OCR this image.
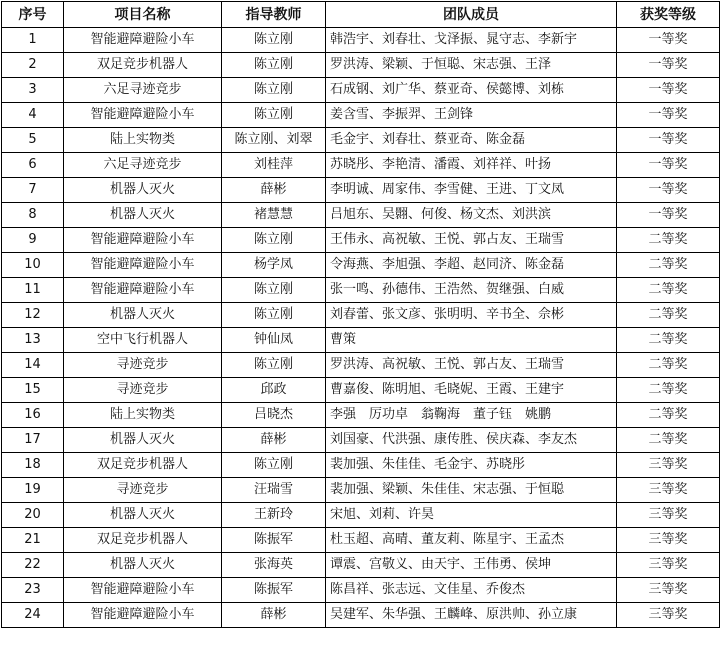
序号	项目名称	指导教师	团队成员	获奖等级
1	智能避障避险小车	陈立刚	韩浩宇、刘春壮、戈泽振、晁守志、李新宇	一等奖
2	双足竞步机器人	陈立刚	罗洪涛、梁颖、于恒聪、宋志强、王泽	一等奖
3	六足寻迹竞步	陈立刚	石成钢、刘广华、蔡亚奇、侯懿博、刘栋	一等奖
4	智能避障避险小车	陈立刚	姜含雪、李振羿、王剑锋	一等奖
5	陆上实物类	陈立刚、刘翠	毛金宇、刘春壮、蔡亚奇、陈金磊	一等奖
6	六足寻迹竞步	刘桂萍	苏晓彤、李艳清、潘霞、刘祥祥、叶扬	一等奖
7	机器人灭火	薛彬	李明诚、周家伟、李雪健、王进、丁文凤	一等奖
8	机器人灭火	褚慧慧	吕旭东、吴翾、何俊、杨文杰、刘洪滨	一等奖
9	智能避障避险小车	陈立刚	王伟永、高祝敏、王悦、郭占友、王瑞雪	二等奖
10	智能避障避险小车	杨学凤	令海燕、李旭强、李超、赵同济、陈金磊	二等奖
11	智能避障避险小车	陈立刚	张一鸣、孙德伟、王浩然、贺继强、白威	二等奖
12	机器人灭火	陈立刚	刘春蕾、张文彦、张明明、辛书全、佘彬	二等奖
13	空中飞行机器人	钟仙凤	曹策	二等奖
14	寻迹竞步	陈立刚	罗洪涛、高祝敏、王悦、郭占友、王瑞雪	二等奖
15	寻迹竞步	邱政	曹嘉俊、陈明旭、毛晓妮、王霞、王建宇	二等奖
16	陆上实物类	吕晓杰	李强　厉功卓　翁鞠海　董子钰　姚鹏	二等奖
17	机器人灭火	薛彬	刘国豪、代洪强、康传胜、侯庆森、李友杰	二等奖
18	双足竞步机器人	陈立刚	裴加强、朱佳佳、毛金宇、苏晓彤	三等奖
19	寻迹竞步	汪瑞雪	裴加强、梁颖、朱佳佳、宋志强、于恒聪	三等奖
20	机器人灭火	王新玲	宋旭、刘莉、许昊	三等奖
21	双足竞步机器人	陈振军	杜玉超、高晴、董友莉、陈星宇、王孟杰	三等奖
22	机器人灭火	张海英	谭震、宫敬义、由天宇、王伟勇、侯坤	三等奖
23	智能避障避险小车	陈振军	陈昌祥、张志远、文佳星、乔俊杰	三等奖
24	智能避障避险小车	薛彬	吴建军、朱华强、王麟峰、原洪帅、孙立康	三等奖
